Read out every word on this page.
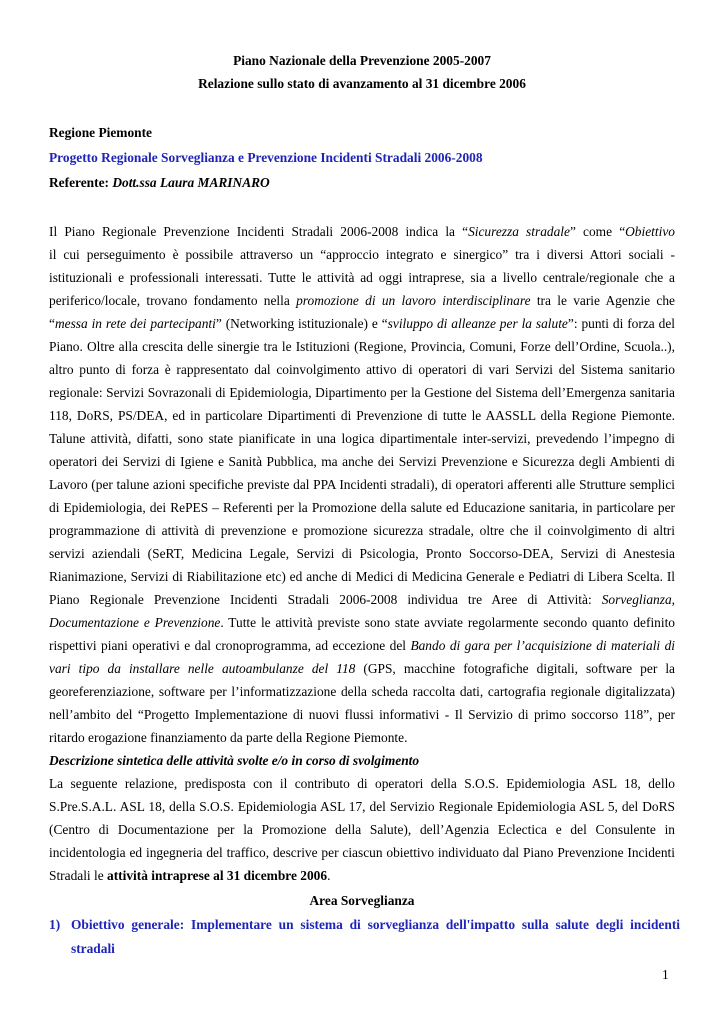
Piano Nazionale della Prevenzione 2005-2007
Relazione sullo stato di avanzamento al 31 dicembre 2006
Regione Piemonte
Progetto Regionale Sorveglianza e Prevenzione Incidenti Stradali 2006-2008
Referente: Dott.ssa Laura MARINARO
Il Piano Regionale Prevenzione Incidenti Stradali 2006-2008 indica la “Sicurezza stradale” come “Obiettivo
il cui perseguimento è possibile attraverso un “approccio integrato e sinergico” tra i diversi Attori sociali -
istituzionali e professionali interessati. Tutte le attività ad oggi intraprese, sia a livello centrale/regionale che a
periferico/locale, trovano fondamento nella promozione di un lavoro interdisciplinare tra le varie Agenzie che
“messa in rete dei partecipanti” (Networking istituzionale) e “sviluppo di alleanze per la salute”: punti di forza del
Piano. Oltre alla crescita delle sinergie tra le Istituzioni (Regione, Provincia, Comuni, Forze dell’Ordine, Scuola..),
altro punto di forza è rappresentato dal coinvolgimento attivo di operatori di vari Servizi del Sistema sanitario
regionale: Servizi Sovrazonali di Epidemiologia, Dipartimento per la Gestione del Sistema dell’Emergenza sanitaria
118, DoRS, PS/DEA, ed in particolare Dipartimenti di Prevenzione di tutte le AASSLL della Regione Piemonte.
Talune attività, difatti, sono state pianificate in una logica dipartimentale inter-servizi, prevedendo l’impegno di
operatori dei Servizi di Igiene e Sanità Pubblica, ma anche dei Servizi Prevenzione e Sicurezza degli Ambienti di
Lavoro (per talune azioni specifiche previste dal PPA Incidenti stradali), di operatori afferenti alle Strutture semplici
di Epidemiologia, dei RePES – Referenti per la Promozione della salute ed Educazione sanitaria, in particolare per
programmazione di attività di prevenzione e promozione sicurezza stradale, oltre che il coinvolgimento di altri
servizi aziendali (SeRT, Medicina Legale, Servizi di Psicologia, Pronto Soccorso-DEA, Servizi di Anestesia
Rianimazione, Servizi di Riabilitazione etc) ed anche di Medici di Medicina Generale e Pediatri di Libera Scelta. Il
Piano Regionale Prevenzione Incidenti Stradali 2006-2008 individua tre Aree di Attività: Sorveglianza,
Documentazione e Prevenzione. Tutte le attività previste sono state avviate regolarmente secondo quanto definito
rispettivi piani operativi e dal cronoprogramma, ad eccezione del Bando di gara per l’acquisizione di materiali di
vari tipo da installare nelle autoambulanze del 118 (GPS, macchine fotografiche digitali, software per la
georeferenziazione, software per l’informatizzazione della scheda raccolta dati, cartografia regionale digitalizzata)
nell’ambito del “Progetto Implementazione di nuovi flussi informativi - Il Servizio di primo soccorso 118”, per
ritardo erogazione finanziamento da parte della Regione Piemonte.
Descrizione sintetica delle attività svolte e/o in corso di svolgimento
La seguente relazione, predisposta con il contributo di operatori della S.O.S. Epidemiologia ASL 18, dello
S.Pre.S.A.L. ASL 18, della S.O.S. Epidemiologia ASL 17, del Servizio Regionale Epidemiologia ASL 5, del DoRS
(Centro di Documentazione per la Promozione della Salute), dell’Agenzia Eclectica e del Consulente in
incidentologia ed ingegneria del traffico, descrive per ciascun obiettivo individuato dal Piano Prevenzione Incidenti
Stradali le attività intraprese al 31 dicembre 2006.
Area Sorveglianza
1) Obiettivo generale: Implementare un sistema di sorveglianza dell'impatto sulla salute degli incidenti
stradali
1
